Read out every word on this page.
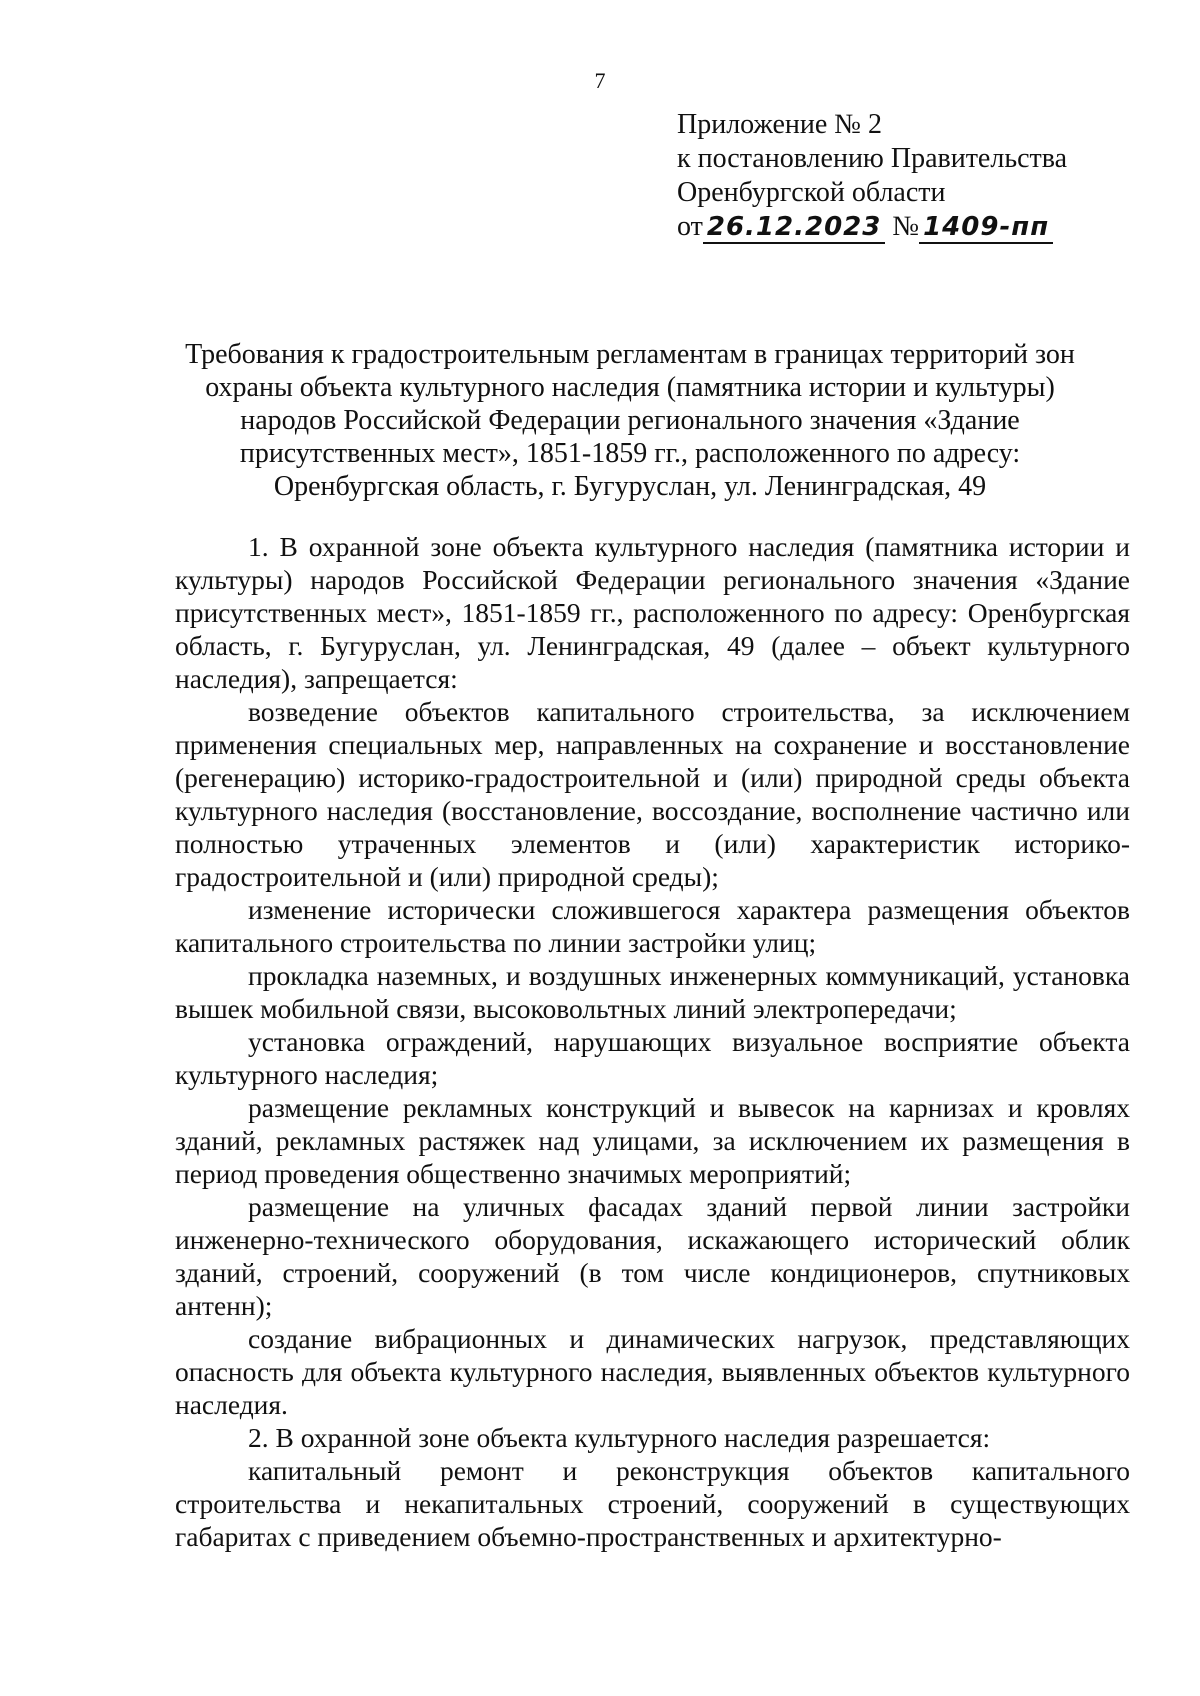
7
Приложение № 2
к постановлению Правительства
Оренбургской области
от 26.12.2023 № 1409-пп
Требования к градостроительным регламентам в границах территорий зон
охраны объекта культурного наследия (памятника истории и культуры)
народов Российской Федерации регионального значения «Здание
присутственных мест», 1851-1859 гг., расположенного по адресу:
Оренбургская область, г. Бугуруслан, ул. Ленинградская, 49

1. В охранной зоне объекта культурного наследия (памятника истории и культуры) народов Российской Федерации регионального значения «Здание присутственных мест», 1851-1859 гг., расположенного по адресу: Оренбургская область, г. Бугуруслан, ул. Ленинградская, 49 (далее – объект культурного наследия), запрещается:

возведение объектов капитального строительства, за исключением применения специальных мер, направленных на сохранение и восстановление (регенерацию) историко-градостроительной и (или) природной среды объекта культурного наследия (восстановление, воссоздание, восполнение частично или полностью утраченных элементов и (или) характеристик историко-градостроительной и (или) природной среды);

изменение исторически сложившегося характера размещения объектов капитального строительства по линии застройки улиц;

прокладка наземных, и воздушных инженерных коммуникаций, установка вышек мобильной связи, высоковольтных линий электропередачи;

установка ограждений, нарушающих визуальное восприятие объекта культурного наследия;

размещение рекламных конструкций и вывесок на карнизах и кровлях зданий, рекламных растяжек над улицами, за исключением их размещения в период проведения общественно значимых мероприятий;

размещение на уличных фасадах зданий первой линии застройки инженерно-технического оборудования, искажающего исторический облик зданий, строений, сооружений (в том числе кондиционеров, спутниковых антенн);

создание вибрационных и динамических нагрузок, представляющих опасность для объекта культурного наследия, выявленных объектов культурного наследия.

2. В охранной зоне объекта культурного наследия разрешается:

капитальный ремонт и реконструкция объектов капитального строительства и некапитальных строений, сооружений в существующих габаритах с приведением объемно-пространственных и архитектурно-
